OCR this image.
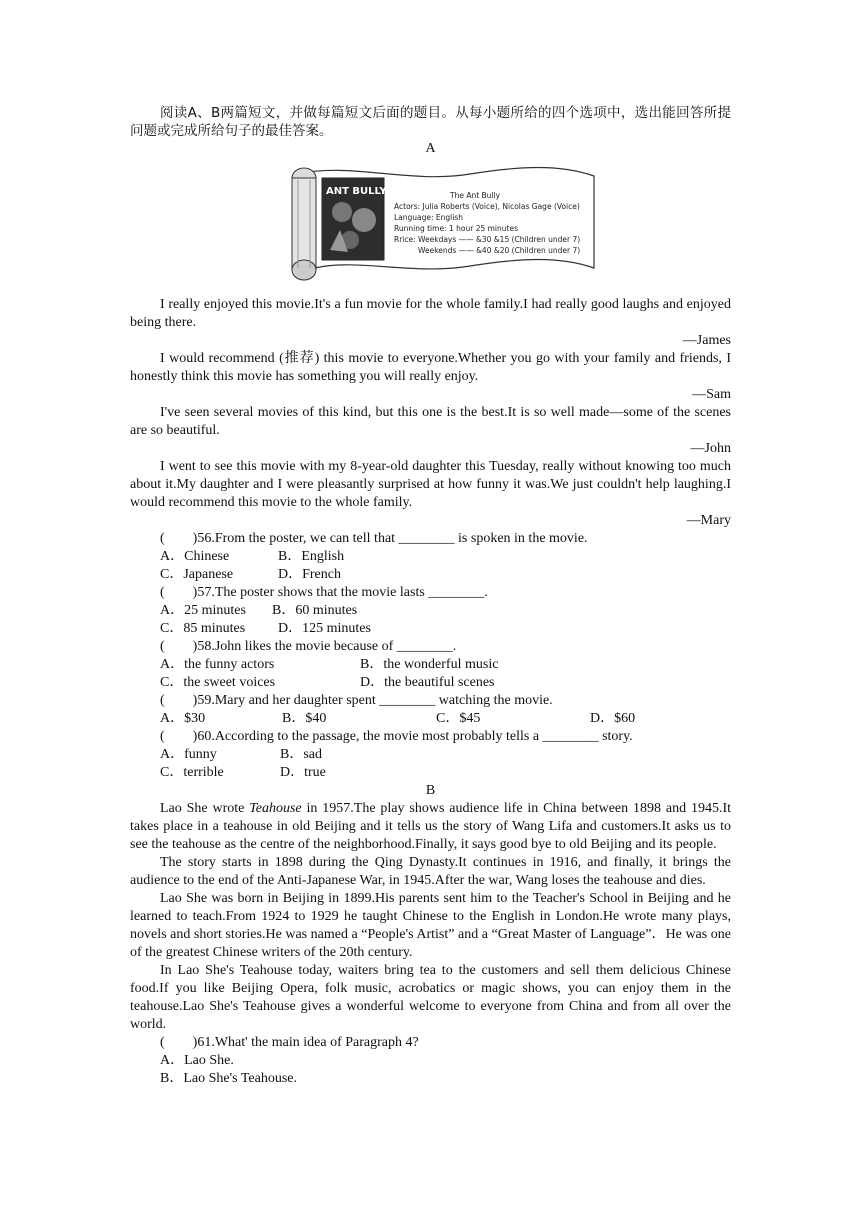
阅读A、B两篇短文，并做每篇短文后面的题目。从每小题所给的四个选项中，选出能回答所提问题或完成所给句子的最佳答案。

A

ANT BULLY	The Ant Bully
Actors: Julia Roberts (Voice), Nicolas Gage (Voice)
Language: English
Running time: 1 hour 25 minutes
Rrice: Weekdays —— &30 &15 (Children under 7)
Weekends —— &40 &20 (Children under 7)

I really enjoyed this movie.It's a fun movie for the whole family.I had really good laughs and enjoyed being there.

—James

I would recommend (推荐) this movie to everyone.Whether you go with your family and friends, I honestly think this movie has something you will really enjoy.

—Sam

I've seen several movies of this kind, but this one is the best.It is so well made—some of the scenes are so beautiful.

—John

I went to see this movie with my 8-year-old daughter this Tuesday, really without knowing too much about it.My daughter and I were pleasantly surprised at how funny it was.We just couldn't help laughing.I would recommend this movie to the whole family.

—Mary

(　　)56.From the poster, we can tell that ________ is spoken in the movie.

A．Chinese	B．English
C．Japanese	D．French

(　　)57.The poster shows that the movie lasts ________.

A．25 minutes	B．60 minutes
C．85 minutes	D．125 minutes

(　　)58.John likes the movie because of ________.

A．the funny actors	B．the wonderful music
C．the sweet voices	D．the beautiful scenes

(　　)59.Mary and her daughter spent ________ watching the movie.

A．$30	B．$40	C．$45	D．$60

(　　)60.According to the passage, the movie most probably tells a ________ story.

A．funny	B．sad
C．terrible	D．true

B

Lao She wrote Teahouse in 1957.The play shows audience life in China between 1898 and 1945.It takes place in a teahouse in old Beijing and it tells us the story of Wang Lifa and customers.It asks us to see the teahouse as the centre of the neighborhood.Finally, it says good bye to old Beijing and its people.

The story starts in 1898 during the Qing Dynasty.It continues in 1916, and finally, it brings the audience to the end of the Anti-Japanese War, in 1945.After the war, Wang loses the teahouse and dies.

Lao She was born in Beijing in 1899.His parents sent him to the Teacher's School in Beijing and he learned to teach.From 1924 to 1929 he taught Chinese to the English in London.He wrote many plays, novels and short stories.He was named a “People's Artist” and a “Great Master of Language”．He was one of the greatest Chinese writers of the 20th century.

In Lao She's Teahouse today, waiters bring tea to the customers and sell them delicious Chinese food.If you like Beijing Opera, folk music, acrobatics or magic shows, you can enjoy them in the teahouse.Lao She's Teahouse gives a wonderful welcome to everyone from China and from all over the world.

(　　)61.What' the main idea of Paragraph 4?

A．Lao She.
B．Lao She's Teahouse.
